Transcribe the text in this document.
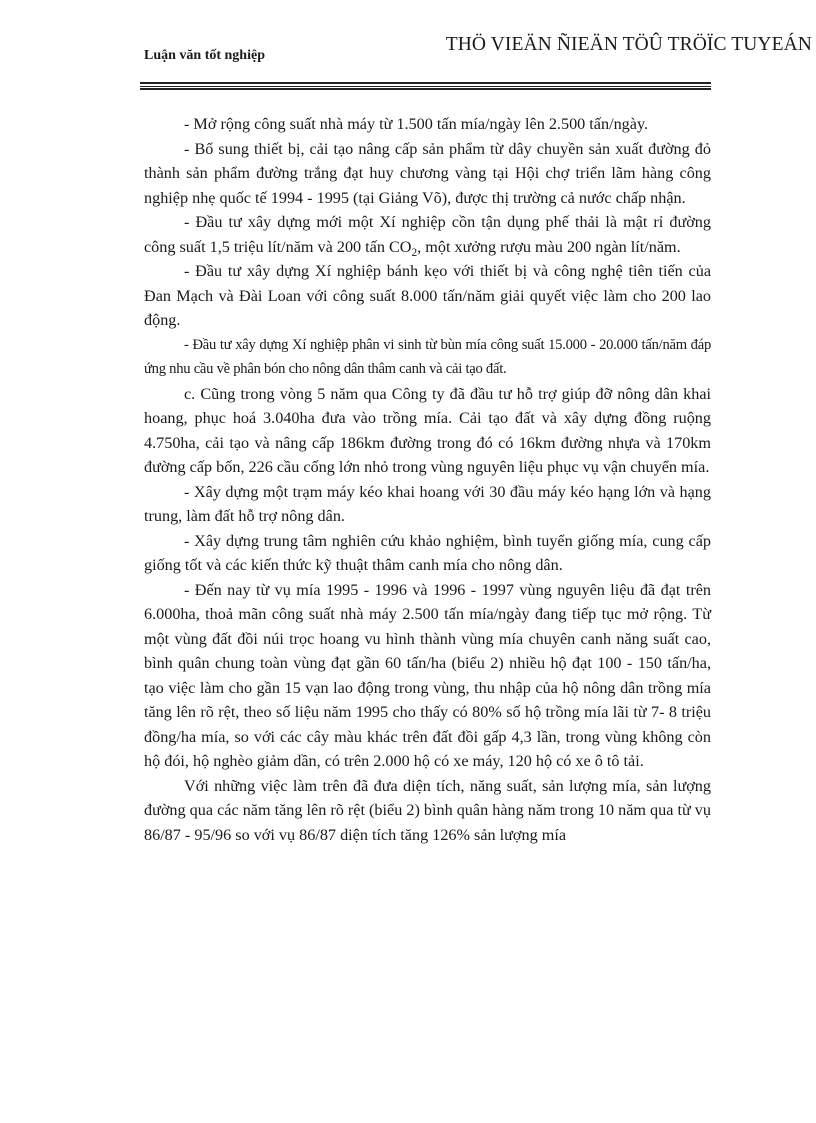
Luận văn tốt nghiệp
THÖ VIEÄN ÑIEÄN TÖÛ TRÖÏC TUYEÁN

- Mở rộng công suất nhà máy từ 1.500 tấn mía/ngày lên 2.500 tấn/ngày.

- Bổ sung thiết bị, cải tạo nâng cấp sản phẩm từ dây chuyền sản xuất đường đỏ thành sản phẩm đường trắng đạt huy chương vàng tại Hội chợ triển lãm hàng công nghiệp nhẹ quốc tế 1994 - 1995 (tại Giảng Võ), được thị trường cả nước chấp nhận.

- Đầu tư xây dựng mới một Xí nghiệp cồn tận dụng phế thải là mật rỉ đường công suất 1,5 triệu lít/năm và 200 tấn $CO_2$, một xưởng rượu màu 200 ngàn lít/năm.

- Đầu tư xây dựng Xí nghiệp bánh kẹo với thiết bị và công nghệ tiên tiến của Đan Mạch và Đài Loan với công suất 8.000 tấn/năm giải quyết việc làm cho 200 lao động.

- Đầu tư xây dựng Xí nghiệp phân vi sinh từ bùn mía công suất 15.000 - 20.000 tấn/năm đáp ứng nhu cầu về phân bón cho nông dân thâm canh và cải tạo đất.

c. Cũng trong vòng 5 năm qua Công ty đã đầu tư hỗ trợ giúp đỡ nông dân khai hoang, phục hoá 3.040ha đưa vào trồng mía. Cải tạo đất và xây dựng đồng ruộng 4.750ha, cải tạo và nâng cấp 186km đường trong đó có 16km đường nhựa và 170km đường cấp bốn, 226 cầu cống lớn nhỏ trong vùng nguyên liệu phục vụ vận chuyển mía.

- Xây dựng một trạm máy kéo khai hoang với 30 đầu máy kéo hạng lớn và hạng trung, làm đất hỗ trợ nông dân.

- Xây dựng trung tâm nghiên cứu khảo nghiệm, bình tuyển giống mía, cung cấp giống tốt và các kiến thức kỹ thuật thâm canh mía cho nông dân.

- Đến nay từ vụ mía 1995 - 1996 và 1996 - 1997 vùng nguyên liệu đã đạt trên 6.000ha, thoả mãn công suất nhà máy 2.500 tấn mía/ngày đang tiếp tục mở rộng. Từ một vùng đất đồi núi trọc hoang vu hình thành vùng mía chuyên canh năng suất cao, bình quân chung toàn vùng đạt gần 60 tấn/ha (biểu 2) nhiều hộ đạt 100 - 150 tấn/ha, tạo việc làm cho gần 15 vạn lao động trong vùng, thu nhập của hộ nông dân trồng mía tăng lên rõ rệt, theo số liệu năm 1995 cho thấy có 80% số hộ trồng mía lãi từ 7- 8 triệu đồng/ha mía, so với các cây màu khác trên đất đồi gấp 4,3 lần, trong vùng không còn hộ đói, hộ nghèo giảm dần, có trên 2.000 hộ có xe máy, 120 hộ có xe ô tô tải.

Với những việc làm trên đã đưa diện tích, năng suất, sản lượng mía, sản lượng đường qua các năm tăng lên rõ rệt (biểu 2) bình quân hàng năm trong 10 năm qua từ vụ 86/87 - 95/96 so với vụ 86/87 diện tích tăng 126% sản lượng mía
